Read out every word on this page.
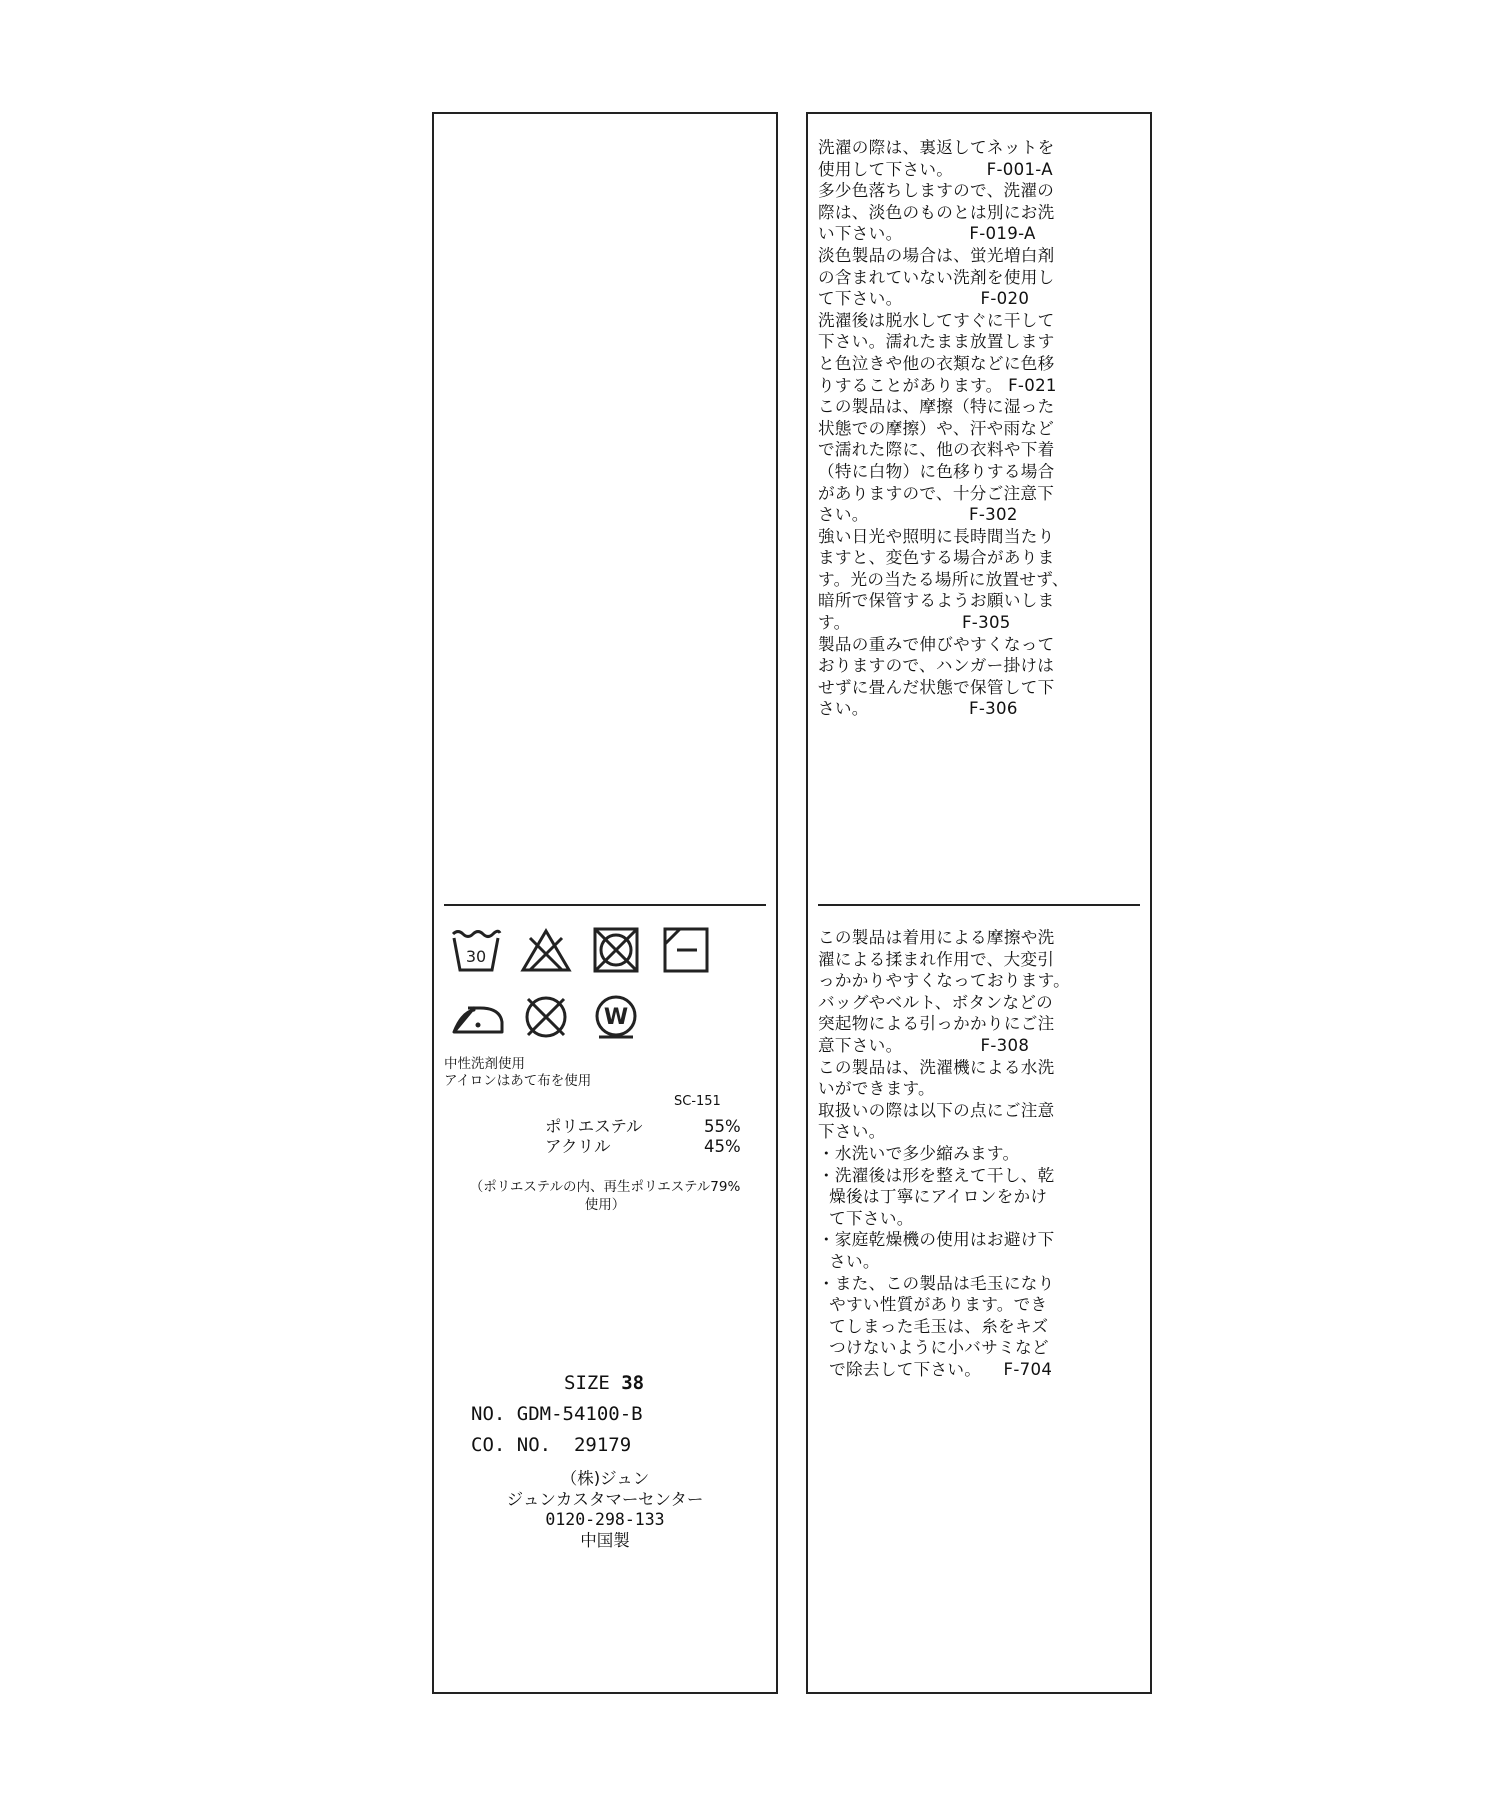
30
W
中性洗剤使用
アイロンはあて布を使用
SC-151
ポリエステル	55%
アクリル	45%
（ポリエステルの内、再生ポリエステル79%
使用）
SIZE 38
NO. GDM-54100-B
CO. NO.  29179
（株)ジュン
ジュンカスタマーセンター
0120-298-133
中国製
洗濯の際は、裏返してネットを
使用して下さい。      F-001-A
多少色落ちしますので、洗濯の
際は、淡色のものとは別にお洗
い下さい。            F-019-A
淡色製品の場合は、蛍光増白剤
の含まれていない洗剤を使用し
て下さい。              F-020
洗濯後は脱水してすぐに干して
下さい。濡れたまま放置します
と色泣きや他の衣類などに色移
りすることがあります。 F-021
この製品は、摩擦（特に湿った
状態での摩擦）や、汗や雨など
で濡れた際に、他の衣料や下着
（特に白物）に色移りする場合
がありますので、十分ご注意下
さい。                  F-302
強い日光や照明に長時間当たり
ますと、変色する場合がありま
す。光の当たる場所に放置せず、
暗所で保管するようお願いしま
す。                    F-305
製品の重みで伸びやすくなって
おりますので、ハンガー掛けは
せずに畳んだ状態で保管して下
さい。                  F-306
この製品は着用による摩擦や洗
濯による揉まれ作用で、大変引
っかかりやすくなっております。
バッグやベルト、ボタンなどの
突起物による引っかかりにご注
意下さい。              F-308
この製品は、洗濯機による水洗
いができます。
取扱いの際は以下の点にご注意
下さい。
・水洗いで多少縮みます。
・洗濯後は形を整えて干し、乾
燥後は丁寧にアイロンをかけ
て下さい。
・家庭乾燥機の使用はお避け下
さい。
・また、この製品は毛玉になり
やすい性質があります。でき
てしまった毛玉は、糸をキズ
つけないように小バサミなど
で除去して下さい。    F-704
